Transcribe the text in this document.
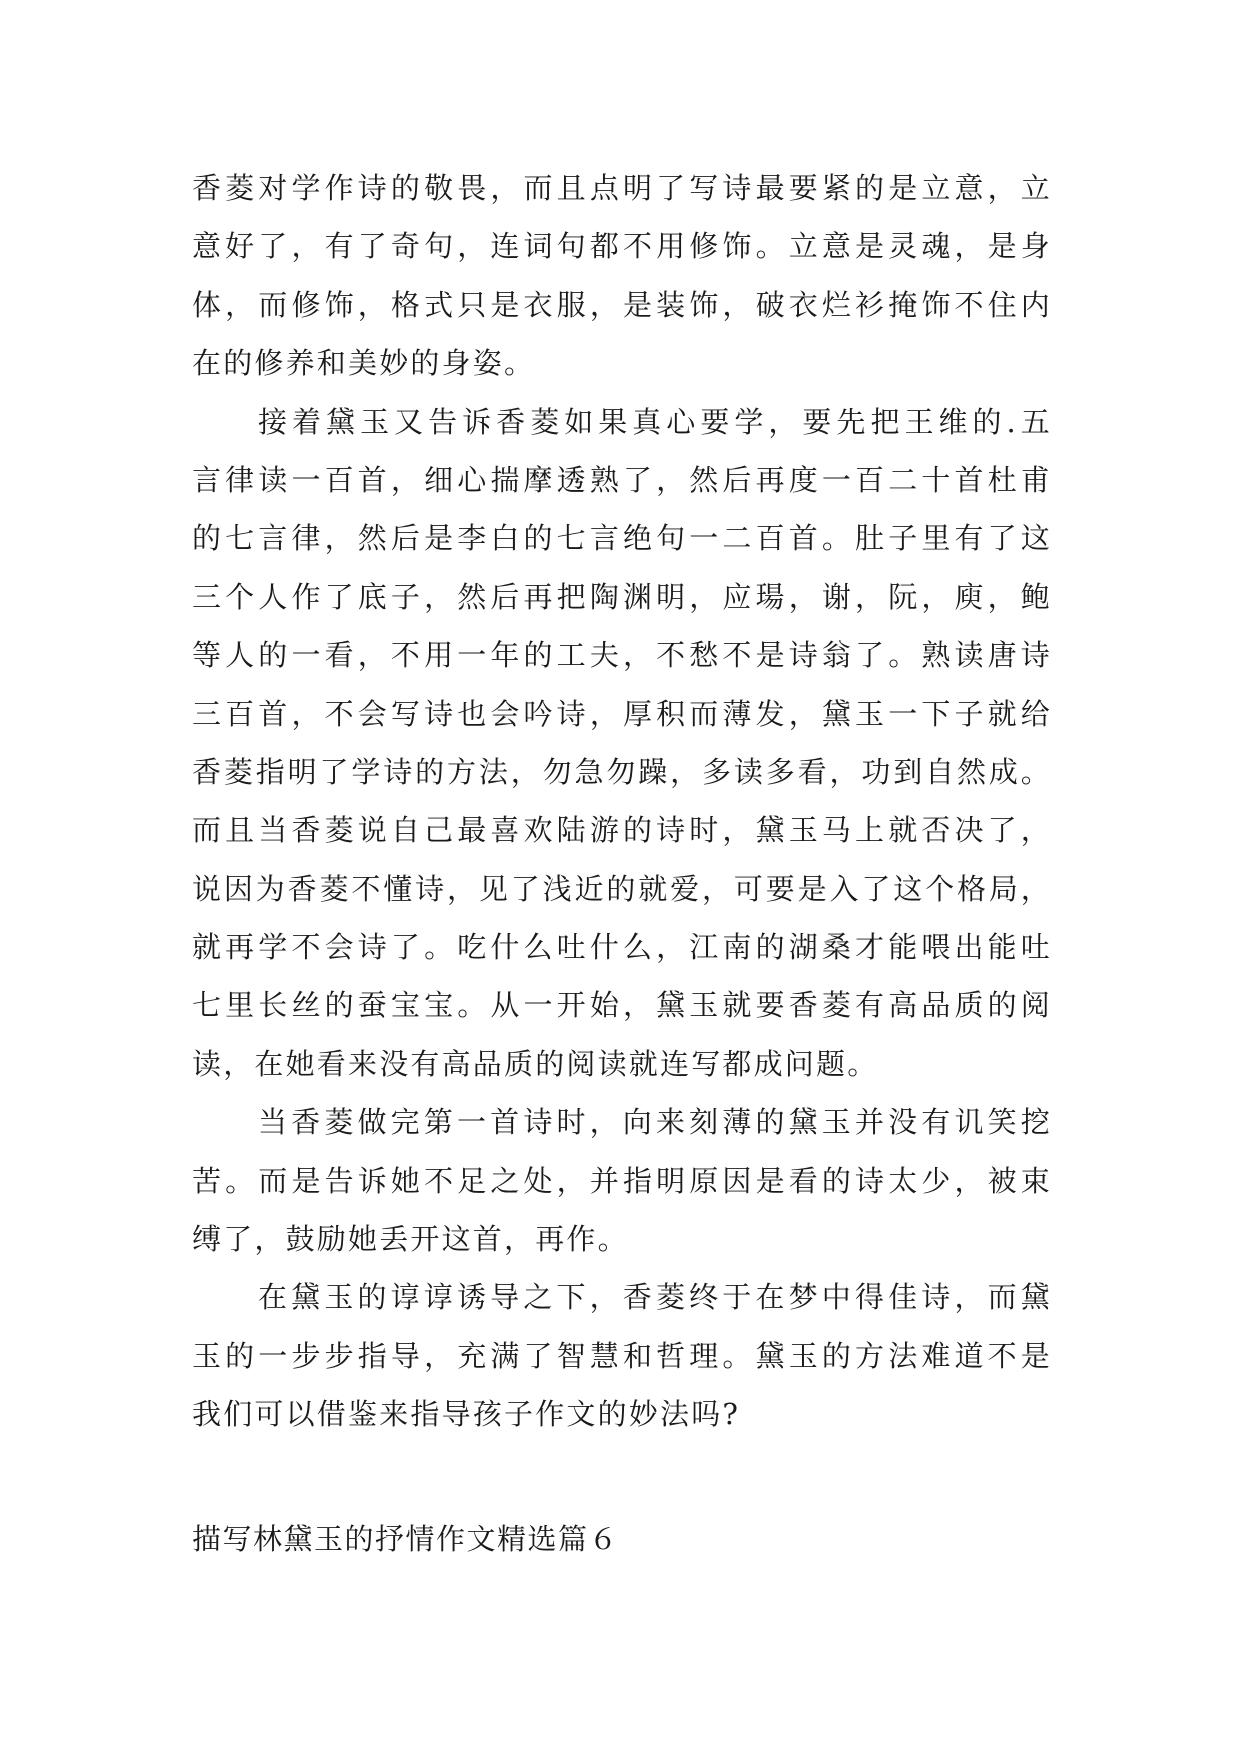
香菱对学作诗的敬畏，而且点明了写诗最要紧的是立意，立
意好了，有了奇句，连词句都不用修饰。立意是灵魂，是身
体，而修饰，格式只是衣服，是装饰，破衣烂衫掩饰不住内
在的修养和美妙的身姿。
接着黛玉又告诉香菱如果真心要学，要先把王维的.五
言律读一百首，细心揣摩透熟了，然后再度一百二十首杜甫
的七言律，然后是李白的七言绝句一二百首。肚子里有了这
三个人作了底子，然后再把陶渊明，应瑒，谢，阮，庾，鲍
等人的一看，不用一年的工夫，不愁不是诗翁了。熟读唐诗
三百首，不会写诗也会吟诗，厚积而薄发，黛玉一下子就给
香菱指明了学诗的方法，勿急勿躁，多读多看，功到自然成。
而且当香菱说自己最喜欢陆游的诗时，黛玉马上就否决了，
说因为香菱不懂诗，见了浅近的就爱，可要是入了这个格局，
就再学不会诗了。吃什么吐什么，江南的湖桑才能喂出能吐
七里长丝的蚕宝宝。从一开始，黛玉就要香菱有高品质的阅
读，在她看来没有高品质的阅读就连写都成问题。
当香菱做完第一首诗时，向来刻薄的黛玉并没有讥笑挖
苦。而是告诉她不足之处，并指明原因是看的诗太少，被束
缚了，鼓励她丢开这首，再作。
在黛玉的谆谆诱导之下，香菱终于在梦中得佳诗，而黛
玉的一步步指导，充满了智慧和哲理。黛玉的方法难道不是
我们可以借鉴来指导孩子作文的妙法吗?
描写林黛玉的抒情作文精选篇６
